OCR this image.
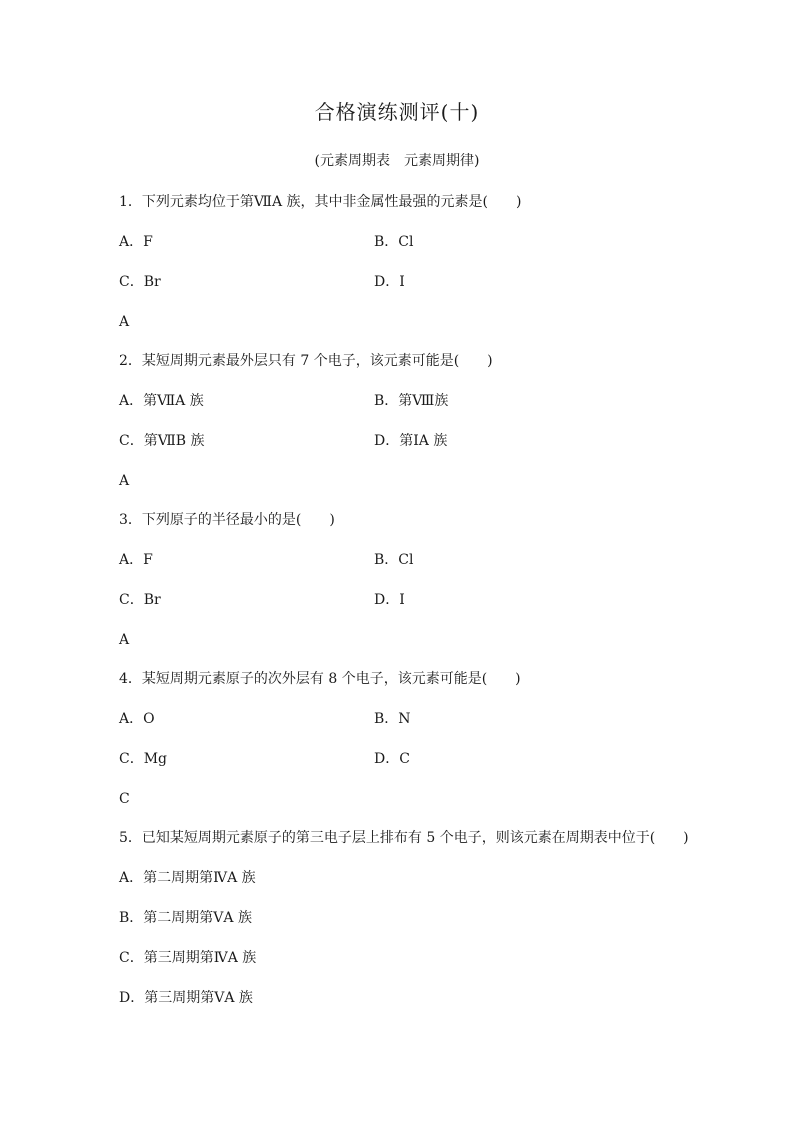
合格演练测评(十)
(元素周期表　元素周期律)
1．下列元素均位于第ⅦA 族，其中非金属性最强的元素是(　　)
A．F	B．Cl
C．Br	D．I
A
2．某短周期元素最外层只有 7 个电子，该元素可能是(　　)
A．第ⅦA 族	B．第Ⅷ族
C．第ⅦB 族	D．第ⅠA 族
A
3．下列原子的半径最小的是(　　)
A．F	B．Cl
C．Br	D．I
A
4．某短周期元素原子的次外层有 8 个电子，该元素可能是(　　)
A．O	B．N
C．Mg	D．C
C
5．已知某短周期元素原子的第三电子层上排布有 5 个电子，则该元素在周期表中位于(　　)
A．第二周期第ⅣA 族
B．第二周期第ⅤA 族
C．第三周期第ⅣA 族
D．第三周期第ⅤA 族
